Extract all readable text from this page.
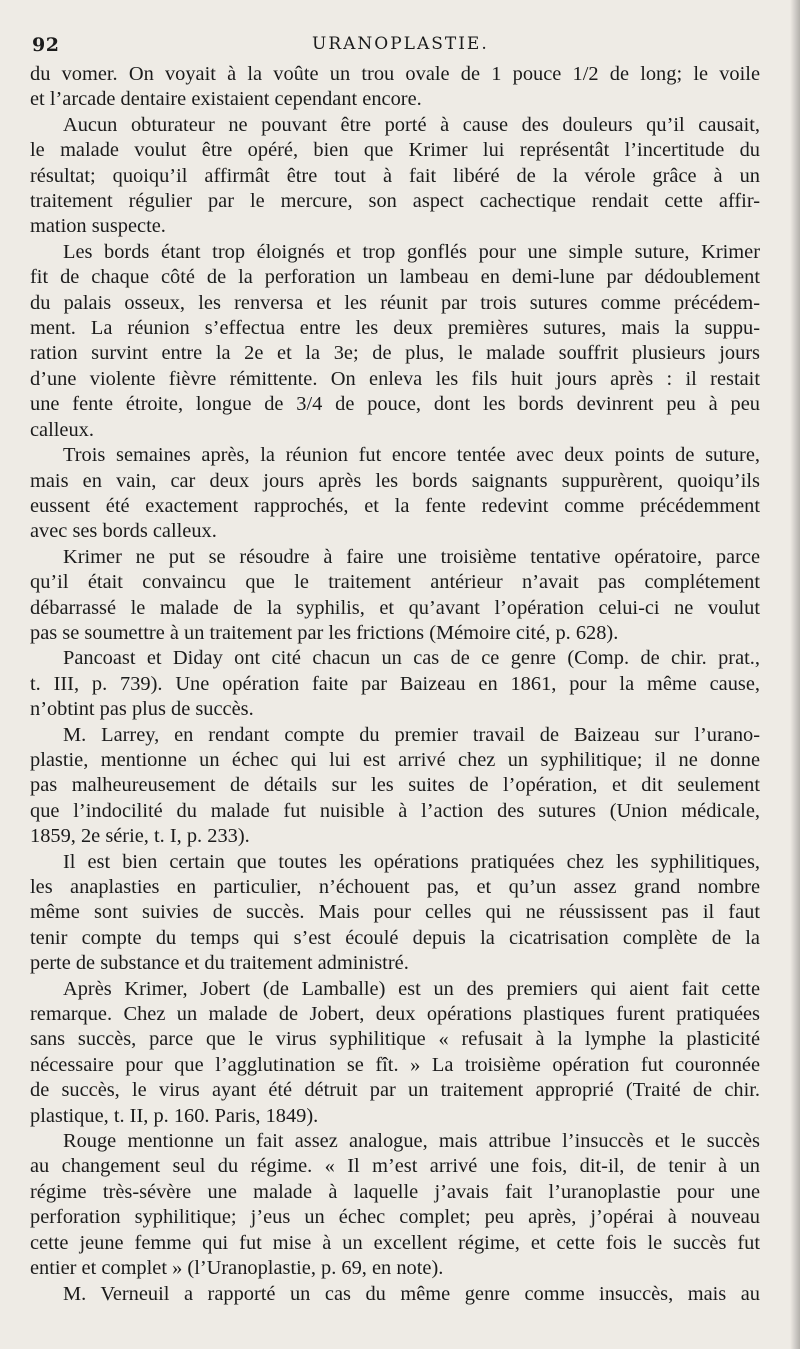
92	URANOPLASTIE.
du vomer. On voyait à la voûte un trou ovale de 1 pouce 1/2 de long; le voile
et l’arcade dentaire existaient cependant encore.
Aucun obturateur ne pouvant être porté à cause des douleurs qu’il causait,
le malade voulut être opéré, bien que Krimer lui représentât l’incertitude du
résultat; quoiqu’il affirmât être tout à fait libéré de la vérole grâce à un
traitement régulier par le mercure, son aspect cachectique rendait cette affir-
mation suspecte.
Les bords étant trop éloignés et trop gonflés pour une simple suture, Krimer
fit de chaque côté de la perforation un lambeau en demi-lune par dédoublement
du palais osseux, les renversa et les réunit par trois sutures comme précédem-
ment. La réunion s’effectua entre les deux premières sutures, mais la suppu-
ration survint entre la 2e et la 3e; de plus, le malade souffrit plusieurs jours
d’une violente fièvre rémittente. On enleva les fils huit jours après : il restait
une fente étroite, longue de 3/4 de pouce, dont les bords devinrent peu à peu
calleux.
Trois semaines après, la réunion fut encore tentée avec deux points de suture,
mais en vain, car deux jours après les bords saignants suppurèrent, quoiqu’ils
eussent été exactement rapprochés, et la fente redevint comme précédemment
avec ses bords calleux.
Krimer ne put se résoudre à faire une troisième tentative opératoire, parce
qu’il était convaincu que le traitement antérieur n’avait pas complétement
débarrassé le malade de la syphilis, et qu’avant l’opération celui-ci ne voulut
pas se soumettre à un traitement par les frictions (Mémoire cité, p. 628).
Pancoast et Diday ont cité chacun un cas de ce genre (Comp. de chir. prat.,
t. III, p. 739). Une opération faite par Baizeau en 1861, pour la même cause,
n’obtint pas plus de succès.
M. Larrey, en rendant compte du premier travail de Baizeau sur l’urano-
plastie, mentionne un échec qui lui est arrivé chez un syphilitique; il ne donne
pas malheureusement de détails sur les suites de l’opération, et dit seulement
que l’indocilité du malade fut nuisible à l’action des sutures (Union médicale,
1859, 2e série, t. I, p. 233).
Il est bien certain que toutes les opérations pratiquées chez les syphilitiques,
les anaplasties en particulier, n’échouent pas, et qu’un assez grand nombre
même sont suivies de succès. Mais pour celles qui ne réussissent pas il faut
tenir compte du temps qui s’est écoulé depuis la cicatrisation complète de la
perte de substance et du traitement administré.
Après Krimer, Jobert (de Lamballe) est un des premiers qui aient fait cette
remarque. Chez un malade de Jobert, deux opérations plastiques furent pratiquées
sans succès, parce que le virus syphilitique « refusait à la lymphe la plasticité
nécessaire pour que l’agglutination se fît. » La troisième opération fut couronnée
de succès, le virus ayant été détruit par un traitement approprié (Traité de chir.
plastique, t. II, p. 160. Paris, 1849).
Rouge mentionne un fait assez analogue, mais attribue l’insuccès et le succès
au changement seul du régime. « Il m’est arrivé une fois, dit-il, de tenir à un
régime très-sévère une malade à laquelle j’avais fait l’uranoplastie pour une
perforation syphilitique; j’eus un échec complet; peu après, j’opérai à nouveau
cette jeune femme qui fut mise à un excellent régime, et cette fois le succès fut
entier et complet » (l’Uranoplastie, p. 69, en note).
M. Verneuil a rapporté un cas du même genre comme insuccès, mais au
